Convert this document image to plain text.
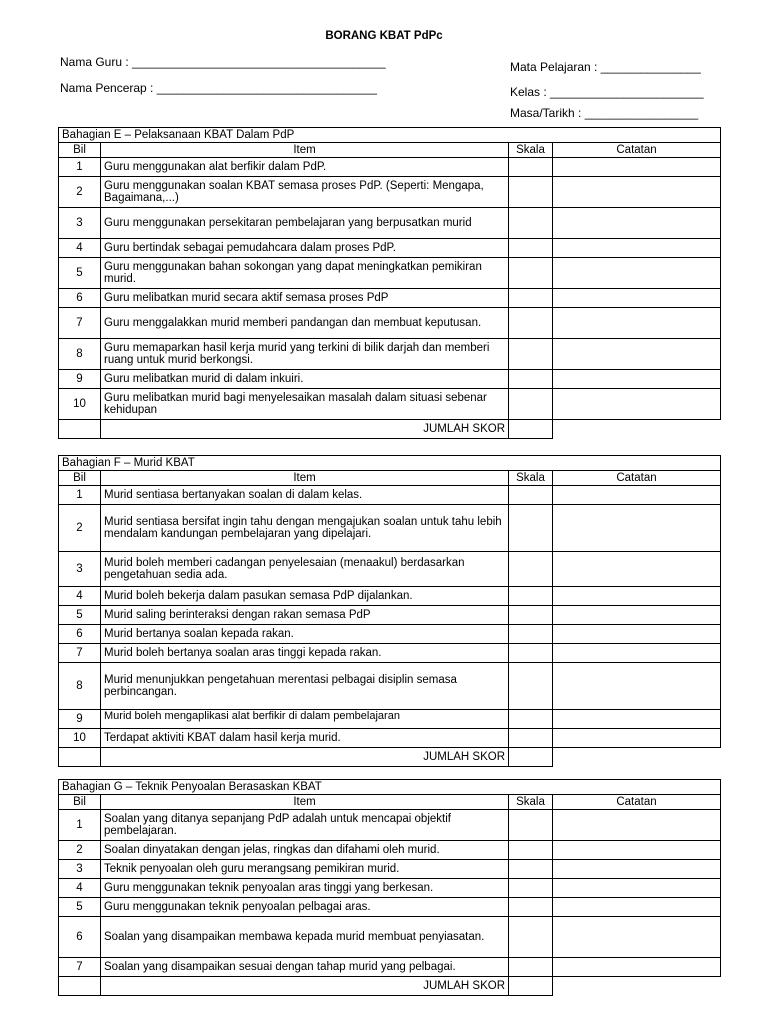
BORANG KBAT PdPc
Nama Guru : ______________________________________
Nama Pencerap : _________________________________
Mata Pelajaran : _______________
Kelas : _______________________
Masa/Tarikh : _________________
Bahagian E – Pelaksanaan KBAT Dalam PdP			
Bil	Item	Skala	Catatan
1	Guru menggunakan alat berfikir dalam PdP.		
2	Guru menggunakan soalan KBAT semasa proses PdP. (Seperti: Mengapa, Bagaimana,...)		
3	Guru menggunakan persekitaran pembelajaran yang berpusatkan murid		
4	Guru bertindak sebagai pemudahcara dalam proses PdP.		
5	Guru menggunakan bahan sokongan yang dapat meningkatkan pemikiran murid.		
6	Guru melibatkan murid secara aktif semasa proses PdP		
7	Guru menggalakkan murid memberi pandangan dan membuat keputusan.		
8	Guru memaparkan hasil kerja murid yang terkini di bilik darjah dan memberi ruang untuk murid berkongsi.		
9	Guru melibatkan murid di dalam inkuiri.		
10	Guru melibatkan murid bagi menyelesaikan masalah dalam situasi sebenar kehidupan		
	JUMLAH SKOR		
Bahagian F – Murid KBAT			
Bil	Item	Skala	Catatan
1	Murid sentiasa bertanyakan soalan di dalam kelas.		
2	Murid sentiasa bersifat ingin tahu dengan mengajukan soalan untuk tahu lebih mendalam kandungan pembelajaran yang dipelajari.		
3	Murid boleh memberi cadangan penyelesaian (menaakul) berdasarkan pengetahuan sedia ada.		
4	Murid boleh bekerja dalam pasukan semasa PdP dijalankan.		
5	Murid saling berinteraksi dengan rakan semasa PdP		
6	Murid bertanya soalan kepada rakan.		
7	Murid boleh bertanya soalan aras tinggi kepada rakan.		
8	Murid menunjukkan pengetahuan merentasi pelbagai disiplin semasa perbincangan.		
9	Murid boleh mengaplikasi alat berfikir di dalam pembelajaran		

10	Terdapat aktiviti KBAT dalam hasil kerja murid.		
	JUMLAH SKOR		
Bahagian G – Teknik Penyoalan Berasaskan KBAT			
Bil	Item	Skala	Catatan
1	Soalan yang ditanya sepanjang PdP adalah untuk mencapai objektif pembelajaran.		
2	Soalan dinyatakan dengan jelas, ringkas dan difahami oleh murid.		
3	Teknik penyoalan oleh guru merangsang pemikiran murid.		
4	Guru menggunakan teknik penyoalan aras tinggi yang berkesan.		
5	Guru menggunakan teknik penyoalan pelbagai aras.		
6	Soalan yang disampaikan membawa kepada murid membuat penyiasatan.		
7	Soalan yang disampaikan sesuai dengan tahap murid yang pelbagai.		
	JUMLAH SKOR		
